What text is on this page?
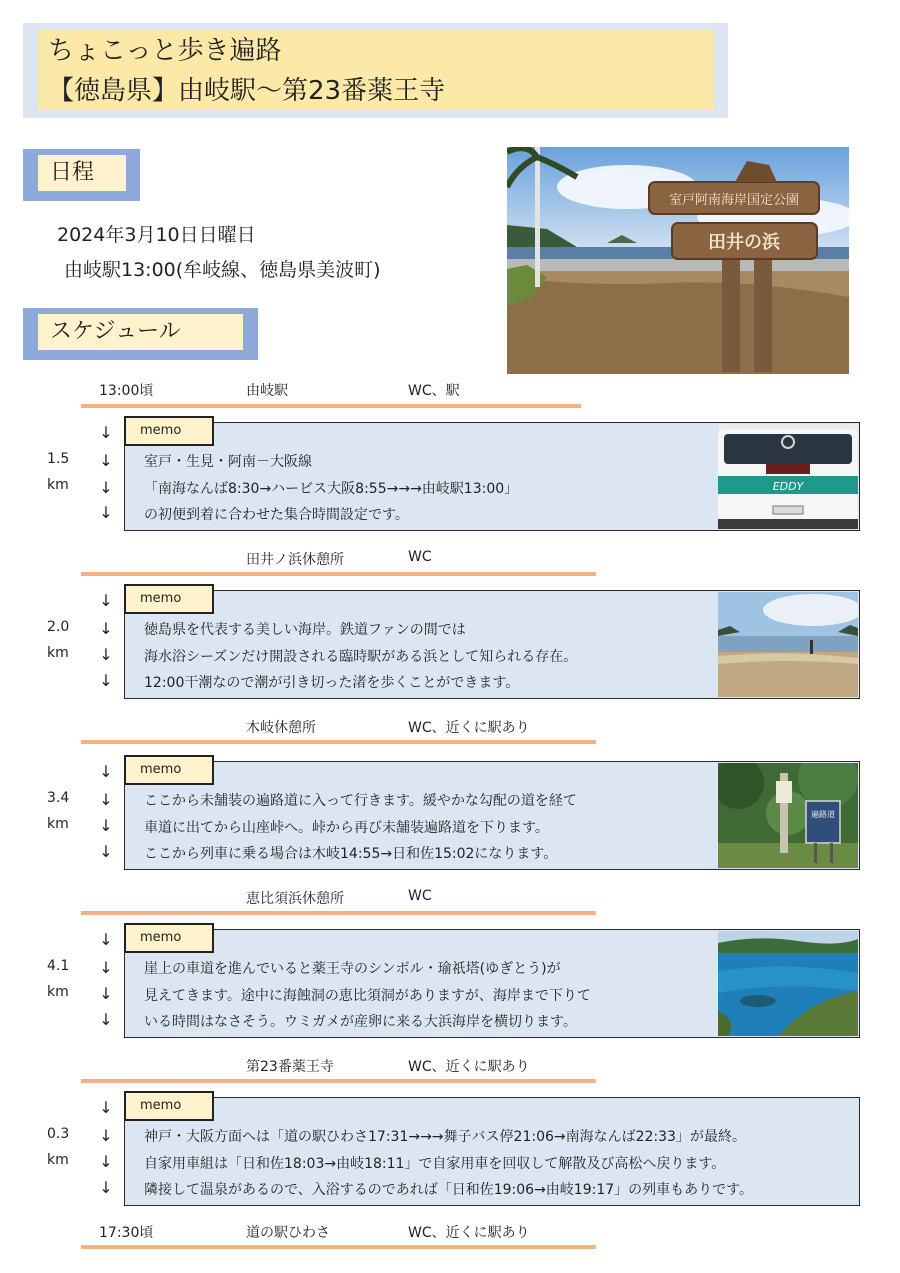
ちょこっと歩き遍路
【徳島県】由岐駅～第23番薬王寺
日程
2024年3月10日日曜日
由岐駅13:00(牟岐線、徳島県美波町)
スケジュール
室戸阿南海岸国定公園
田井の浜
13:00頃	由岐駅	WC、駅
↓
↓
↓
↓
1.5
km
memo
室戸・生見・阿南－大阪線
「南海なんば8:30→ハービス大阪8:55→→→由岐駅13:00」
の初便到着に合わせた集合時間設定です。
EDDY
田井ノ浜休憩所	WC
↓
↓
↓
↓
2.0
km
memo
徳島県を代表する美しい海岸。鉄道ファンの間では
海水浴シーズンだけ開設される臨時駅がある浜として知られる存在。
12:00干潮なので潮が引き切った渚を歩くことができます。
木岐休憩所	WC、近くに駅あり
↓
↓
↓
↓
3.4
km
memo
ここから未舗装の遍路道に入って行きます。緩やかな勾配の道を経て
車道に出てから山座峠へ。峠から再び未舗装遍路道を下ります。
ここから列車に乗る場合は木岐14:55→日和佐15:02になります。
遍路道
恵比須浜休憩所	WC
↓
↓
↓
↓
4.1
km
memo
崖上の車道を進んでいると薬王寺のシンボル・瑜祇塔(ゆぎとう)が
見えてきます。途中に海蝕洞の恵比須洞がありますが、海岸まで下りて
いる時間はなさそう。ウミガメが産卵に来る大浜海岸を横切ります。
第23番薬王寺	WC、近くに駅あり
↓
↓
↓
↓
0.3
km
memo
神戸・大阪方面へは「道の駅ひわさ17:31→→→舞子バス停21:06→南海なんば22:33」が最終。
自家用車組は「日和佐18:03→由岐18:11」で自家用車を回収して解散及び高松へ戻ります。
隣接して温泉があるので、入浴するのであれば「日和佐19:06→由岐19:17」の列車もありです。
17:30頃	道の駅ひわさ	WC、近くに駅あり
